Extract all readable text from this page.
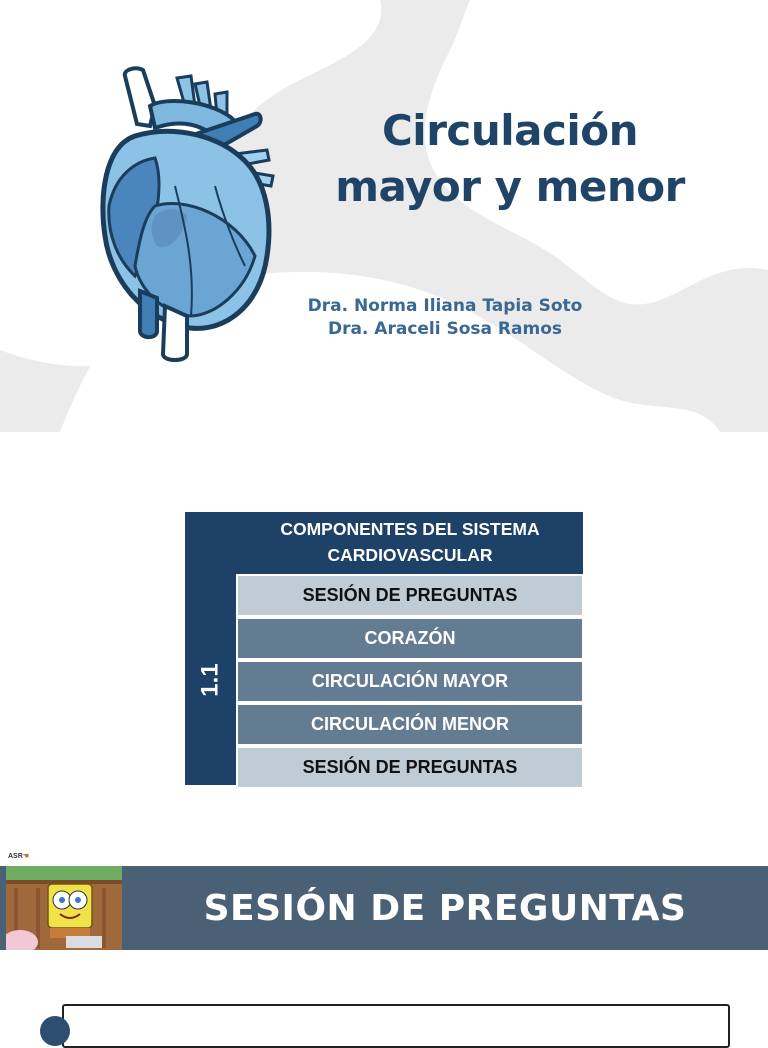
Circulación
mayor y menor
Dra. Norma Iliana Tapia Soto
Dra. Araceli Sosa Ramos
COMPONENTES DEL SISTEMA
CARDIOVASCULAR
1.1
SESIÓN DE PREGUNTAS
CORAZÓN
CIRCULACIÓN MAYOR
CIRCULACIÓN MENOR
SESIÓN DE PREGUNTAS
ASR☚
SESIÓN DE PREGUNTAS
